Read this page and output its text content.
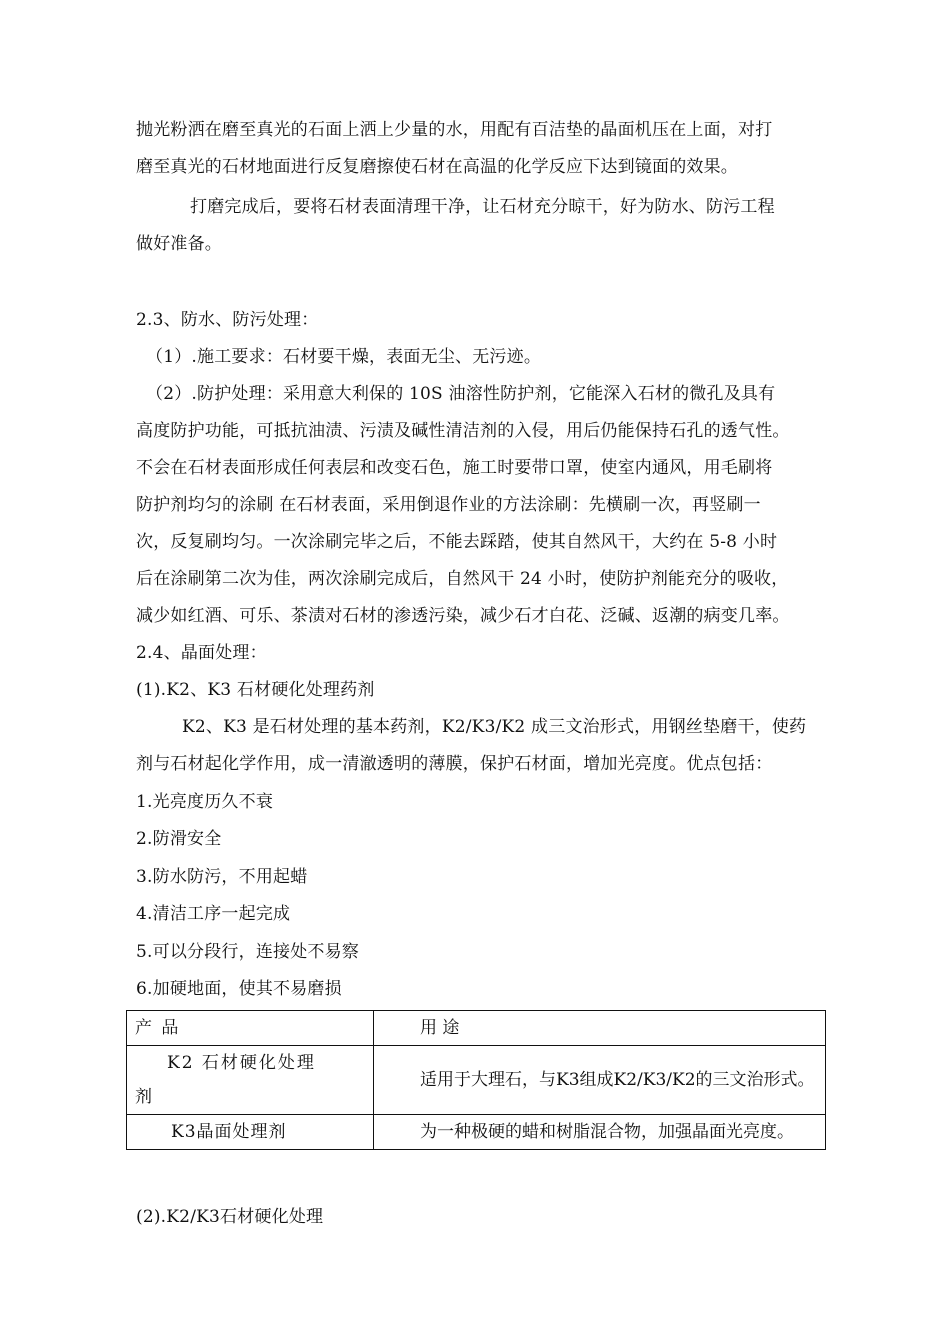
抛光粉洒在磨至真光的石面上洒上少量的水，用配有百洁垫的晶面机压在上面，对打
磨至真光的石材地面进行反复磨擦使石材在高温的化学反应下达到镜面的效果。
打磨完成后，要将石材表面清理干净，让石材充分晾干，好为防水、防污工程
做好准备。
2.3、防水、防污处理：
（1）.施工要求：石材要干燥，表面无尘、无污迹。
（2）.防护处理：采用意大利保的 10S 油溶性防护剂，它能深入石材的微孔及具有
高度防护功能，可抵抗油渍、污渍及碱性清洁剂的入侵，用后仍能保持石孔的透气性。
不会在石材表面形成任何表层和改变石色，施工时要带口罩，使室内通风，用毛刷将
防护剂均匀的涂刷 在石材表面，采用倒退作业的方法涂刷：先横刷一次，再竖刷一
次，反复刷均匀。一次涂刷完毕之后，不能去踩踏，使其自然风干，大约在 5-8 小时
后在涂刷第二次为佳，两次涂刷完成后，自然风干 24 小时，使防护剂能充分的吸收，
减少如红酒、可乐、茶渍对石材的渗透污染，减少石才白花、泛碱、返潮的病变几率。
2.4、晶面处理：
(1).K2、K3 石材硬化处理药剂
K2、K3 是石材处理的基本药剂，K2/K3/K2 成三文治形式，用钢丝垫磨干，使药
剂与石材起化学作用，成一清澈透明的薄膜，保护石材面，增加光亮度。优点包括：
1.光亮度历久不衰
2.防滑安全
3.防水防污，不用起蜡
4.清洁工序一起完成
5.可以分段行，连接处不易察
6.加硬地面，使其不易磨损
产 品	用 途

K2 石材硬化处理
剂	适用于大理石，与K3组成K2/K3/K2的三文治形式。
K3晶面处理剂	为一种极硬的蜡和树脂混合物，加强晶面光亮度。
(2).K2/K3石材硬化处理
